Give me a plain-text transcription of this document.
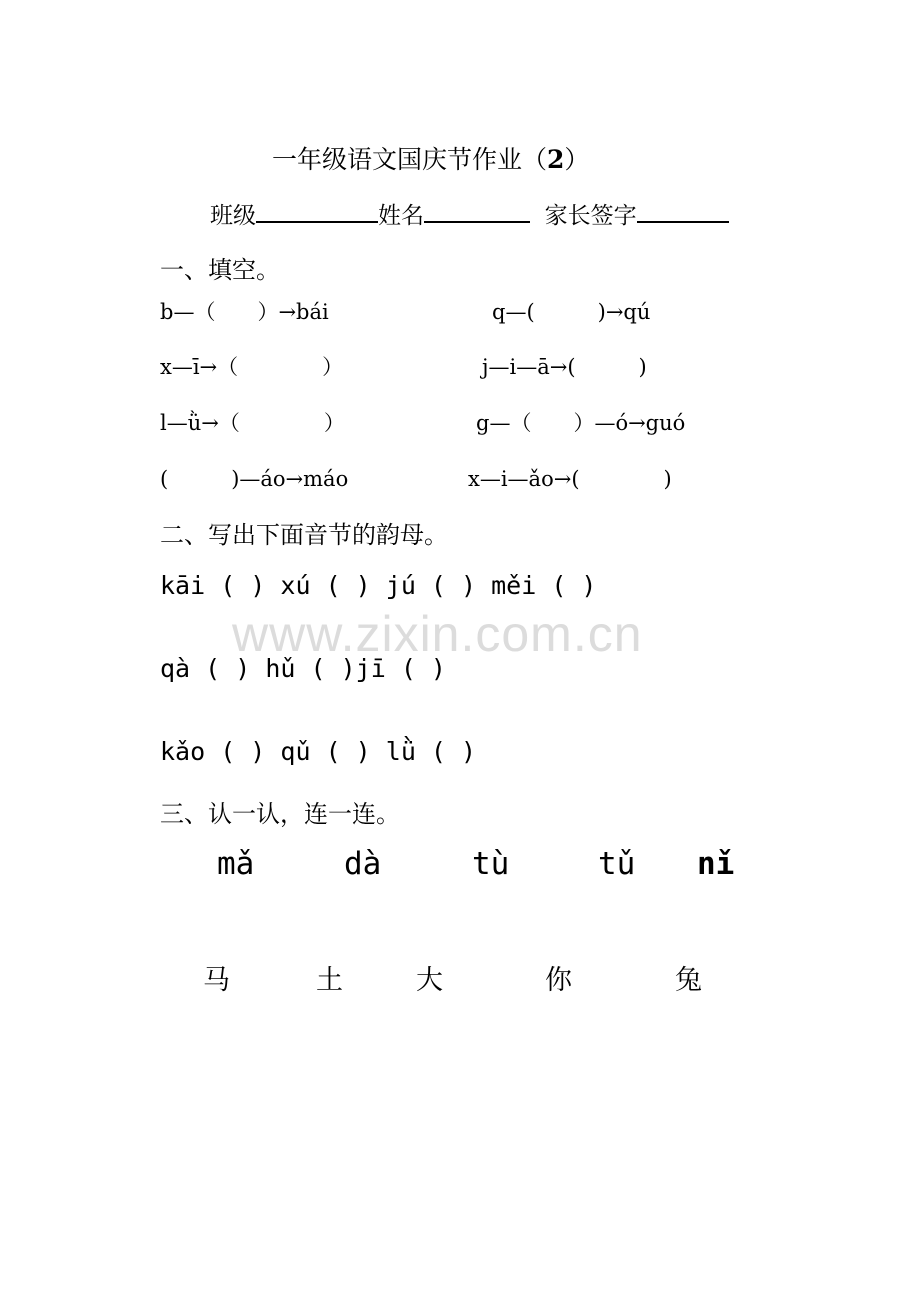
www.zixin.com.cn
一年级语文国庆节作业（2）
班级	姓名	家长签字
一、填空。
b—（　　）→bái	q—(　　　)→qú
x—ī→（　　　　）	j—i—ā→(　　　)
l—ǜ→（　　　　）	g—（　　）—ó→guó
(　　　)—áo→máo	x—i—ǎo→(　　　　)
二、写出下面音节的韵母。
kāi ( ) xú ( ) jú ( ) měi ( )
qà ( ) hǔ ( )jī ( )
kǎo ( ) qǔ ( ) lǜ ( )
三、认一认，连一连。
mǎ	dà	tù	tǔ nǐ
马	土	大	你	兔
